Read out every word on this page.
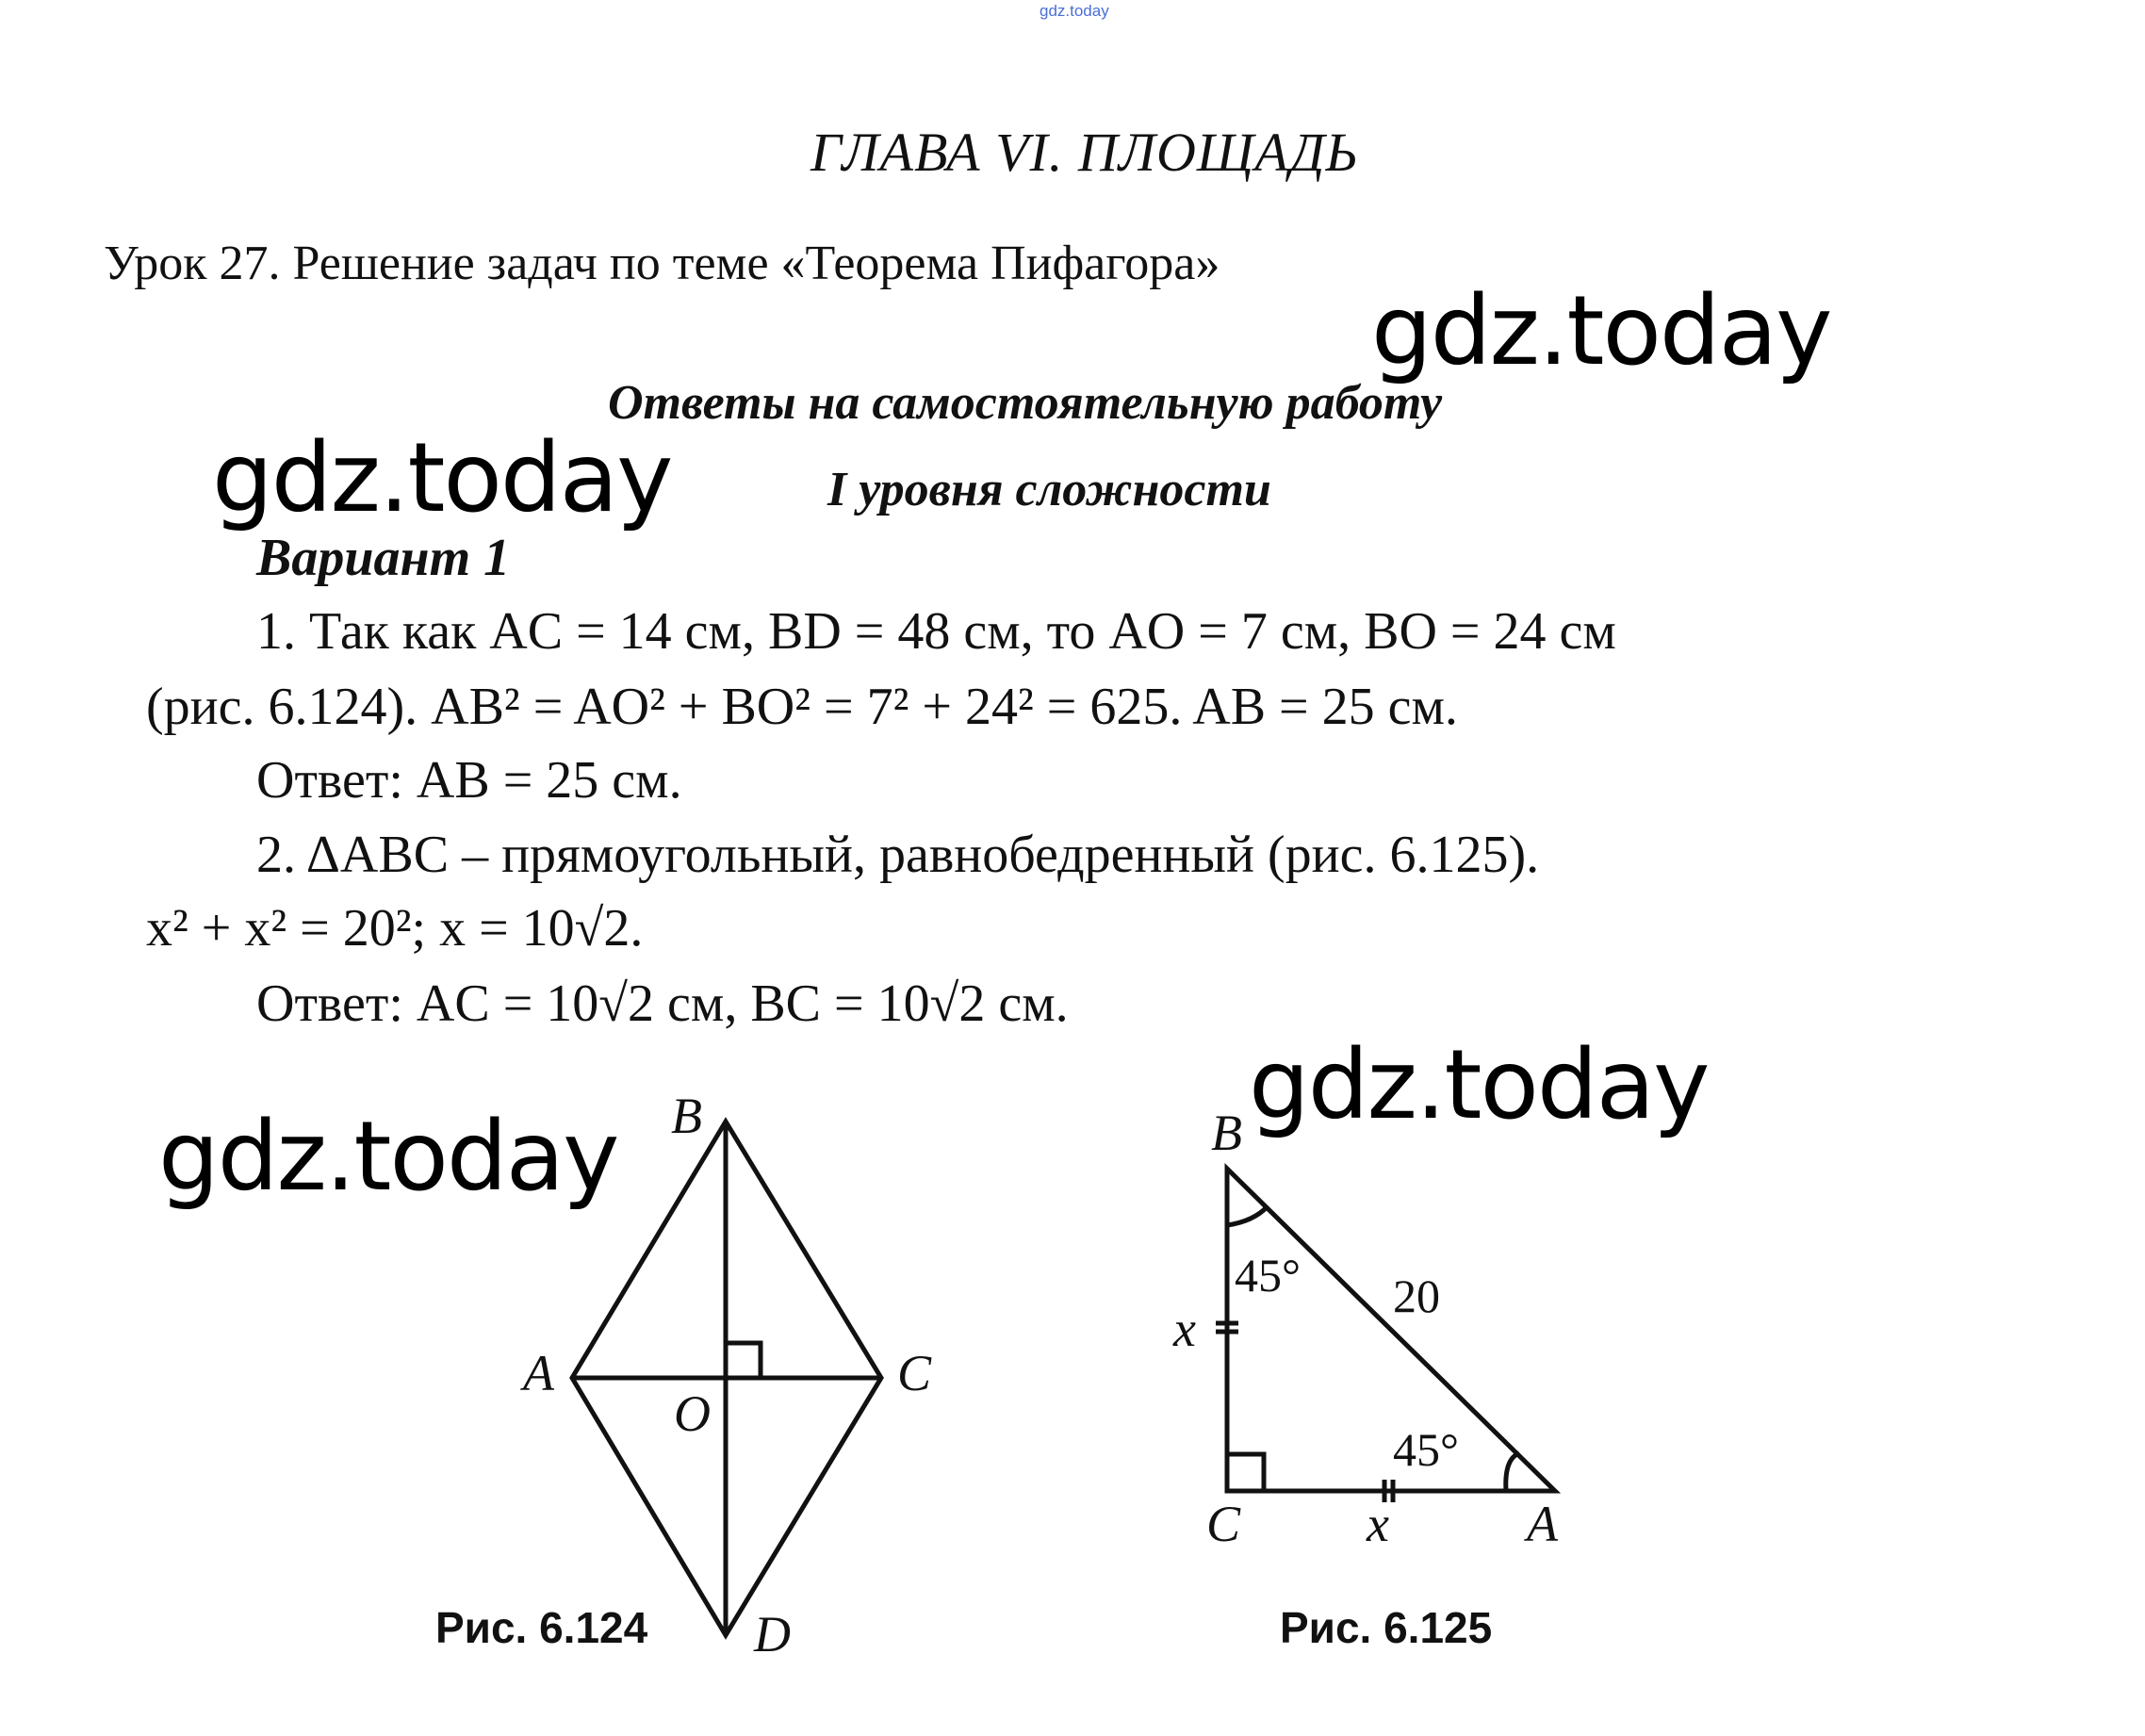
gdz.today
ГЛАВА VI. ПЛОЩАДЬ
Урок 27. Решение задач по теме «Теорема Пифагора»
gdz.today
gdz.today
gdz.today
gdz.today
Ответы на самостоятельную работу
I уровня сложности
Вариант 1
1. Так как AC = 14 см, BD = 48 см, то AO = 7 см, BO = 24 см
(рис. 6.124). AB² = AO² + BO² = 7² + 24² = 625. AB = 25 см.
Ответ: AB = 25 см.
2. ΔABC – прямоугольный, равнобедренный (рис. 6.125).
x² + x² = 20²; x = 10√2.
Ответ: AC = 10√2 см, BC = 10√2 см.
B
A	C
O
D
B
x
C x	A
45° 20
45°
Рис. 6.124	Рис. 6.125
